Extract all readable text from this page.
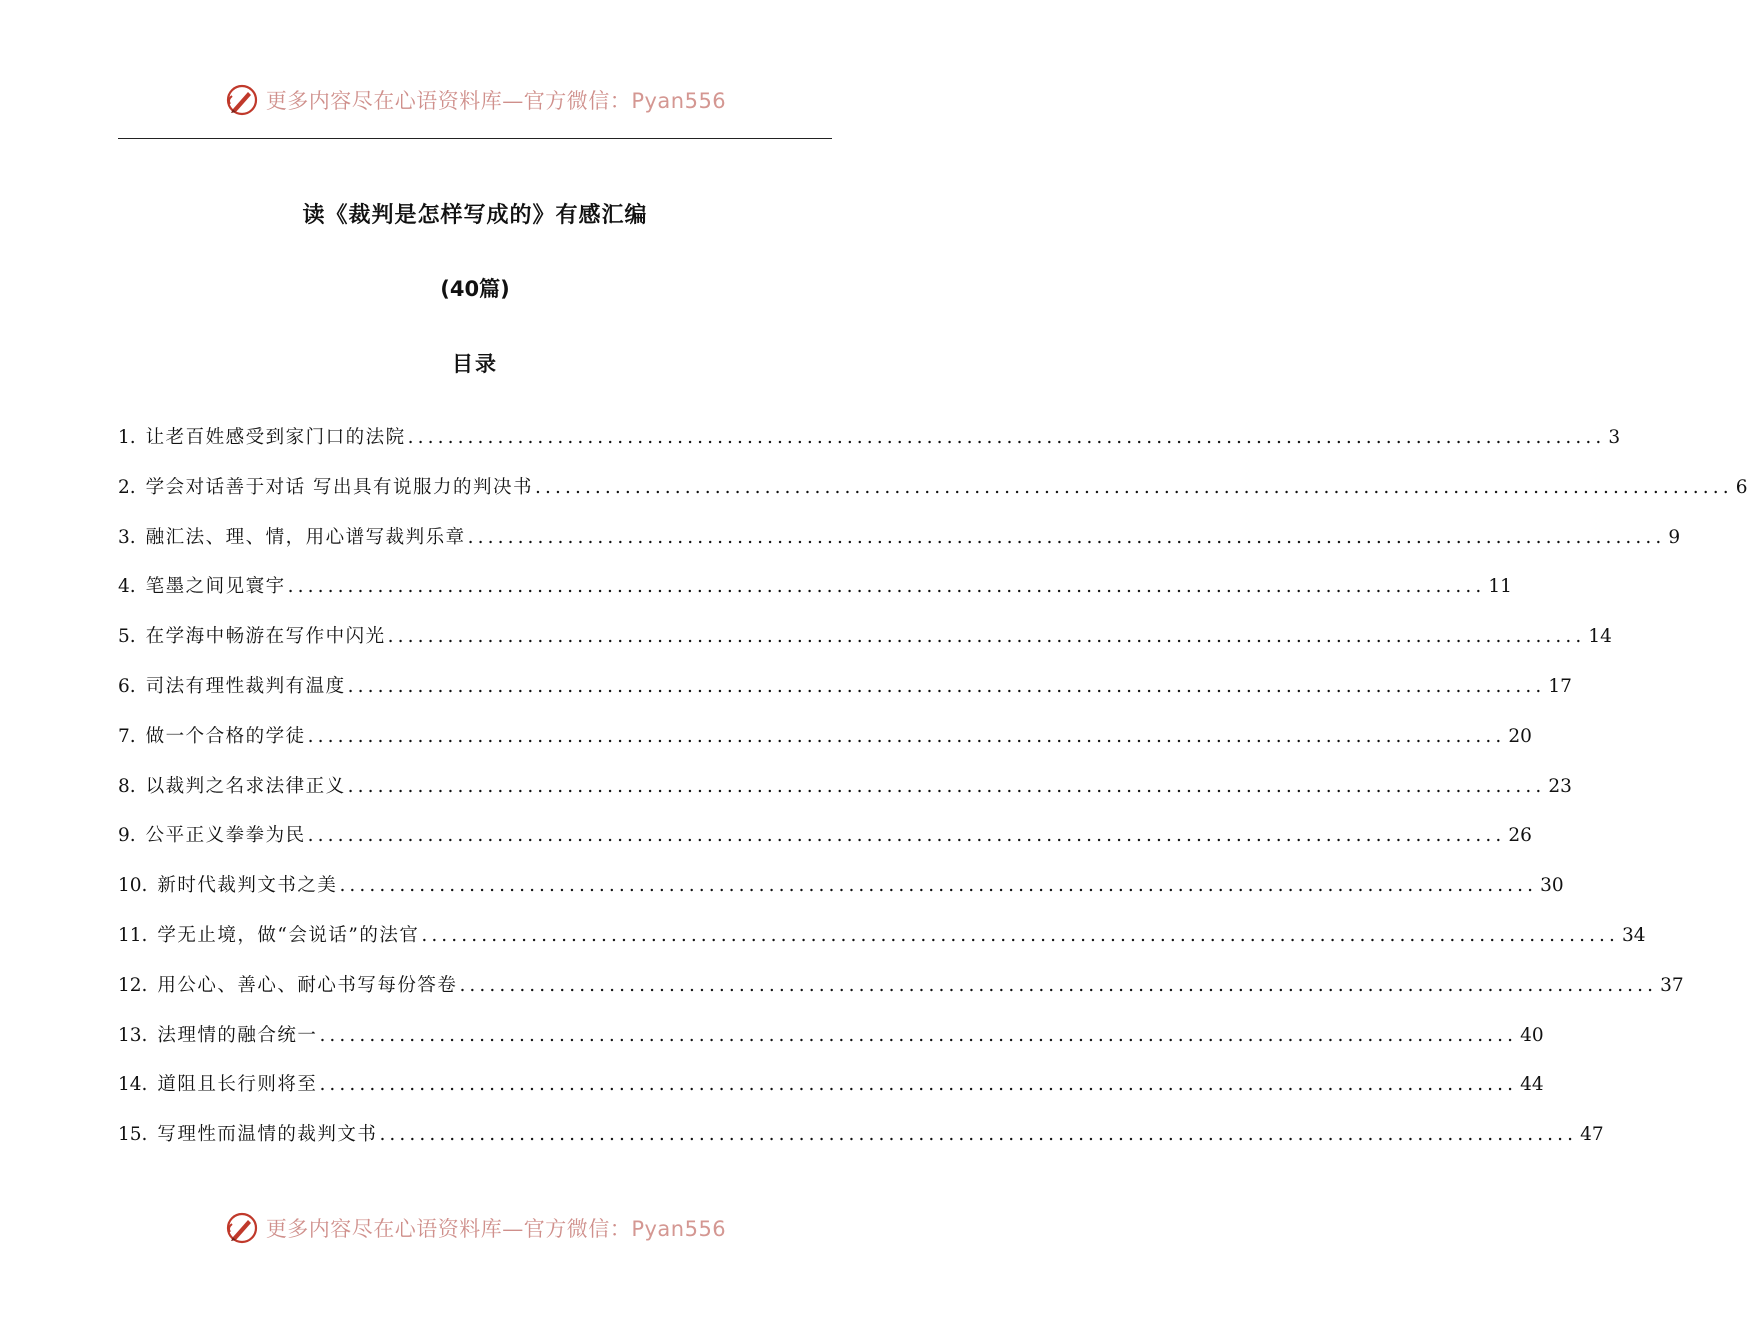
更多内容尽在心语资料库—官方微信：Pyan556
读《裁判是怎样写成的》有感汇编
(40篇)
目录
1. 让老百姓感受到家门口的法院 ........................................................................................................................ 3
2. 学会对话善于对话 写出具有说服力的判决书 ........................................................................................................................ 6
3. 融汇法、理、情，用心谱写裁判乐章 ........................................................................................................................ 9
4. 笔墨之间见寰宇 ........................................................................................................................ 11
5. 在学海中畅游在写作中闪光 ........................................................................................................................ 14
6. 司法有理性裁判有温度 ........................................................................................................................ 17
7. 做一个合格的学徒 ........................................................................................................................ 20
8. 以裁判之名求法律正义 ........................................................................................................................ 23
9. 公平正义拳拳为民 ........................................................................................................................ 26
10. 新时代裁判文书之美 ........................................................................................................................ 30
11. 学无止境，做“会说话”的法官 ........................................................................................................................ 34
12. 用公心、善心、耐心书写每份答卷 ........................................................................................................................ 37
13. 法理情的融合统一 ........................................................................................................................ 40
14. 道阻且长行则将至 ........................................................................................................................ 44
15. 写理性而温情的裁判文书 ........................................................................................................................ 47
更多内容尽在心语资料库—官方微信：Pyan556
